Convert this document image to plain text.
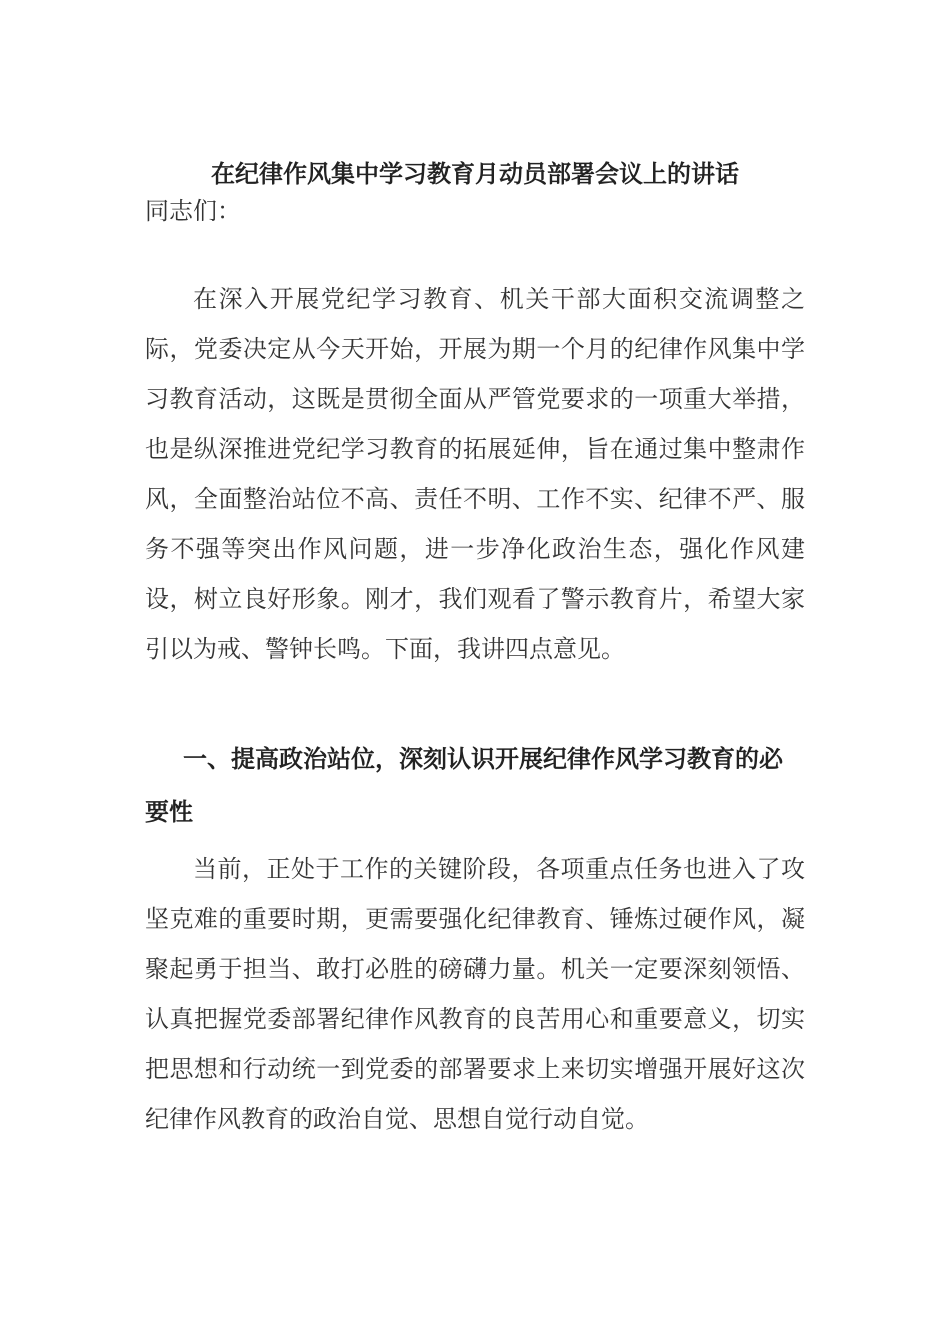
在纪律作风集中学习教育月动员部署会议上的讲话

同志们：

在深入开展党纪学习教育、机关干部大面积交流调整之际，党委决定从今天开始，开展为期一个月的纪律作风集中学习教育活动，这既是贯彻全面从严管党要求的一项重大举措，也是纵深推进党纪学习教育的拓展延伸，旨在通过集中整肃作风，全面整治站位不高、责任不明、工作不实、纪律不严、服务不强等突出作风问题，进一步净化政治生态，强化作风建设，树立良好形象。刚才，我们观看了警示教育片，希望大家引以为戒、警钟长鸣。下面，我讲四点意见。

一、提高政治站位，深刻认识开展纪律作风学习教育的必要性

当前，正处于工作的关键阶段，各项重点任务也进入了攻坚克难的重要时期，更需要强化纪律教育、锤炼过硬作风，凝聚起勇于担当、敢打必胜的磅礴力量。机关一定要深刻领悟、认真把握党委部署纪律作风教育的良苦用心和重要意义，切实把思想和行动统一到党委的部署要求上来切实增强开展好这次纪律作风教育的政治自觉、思想自觉行动自觉。
